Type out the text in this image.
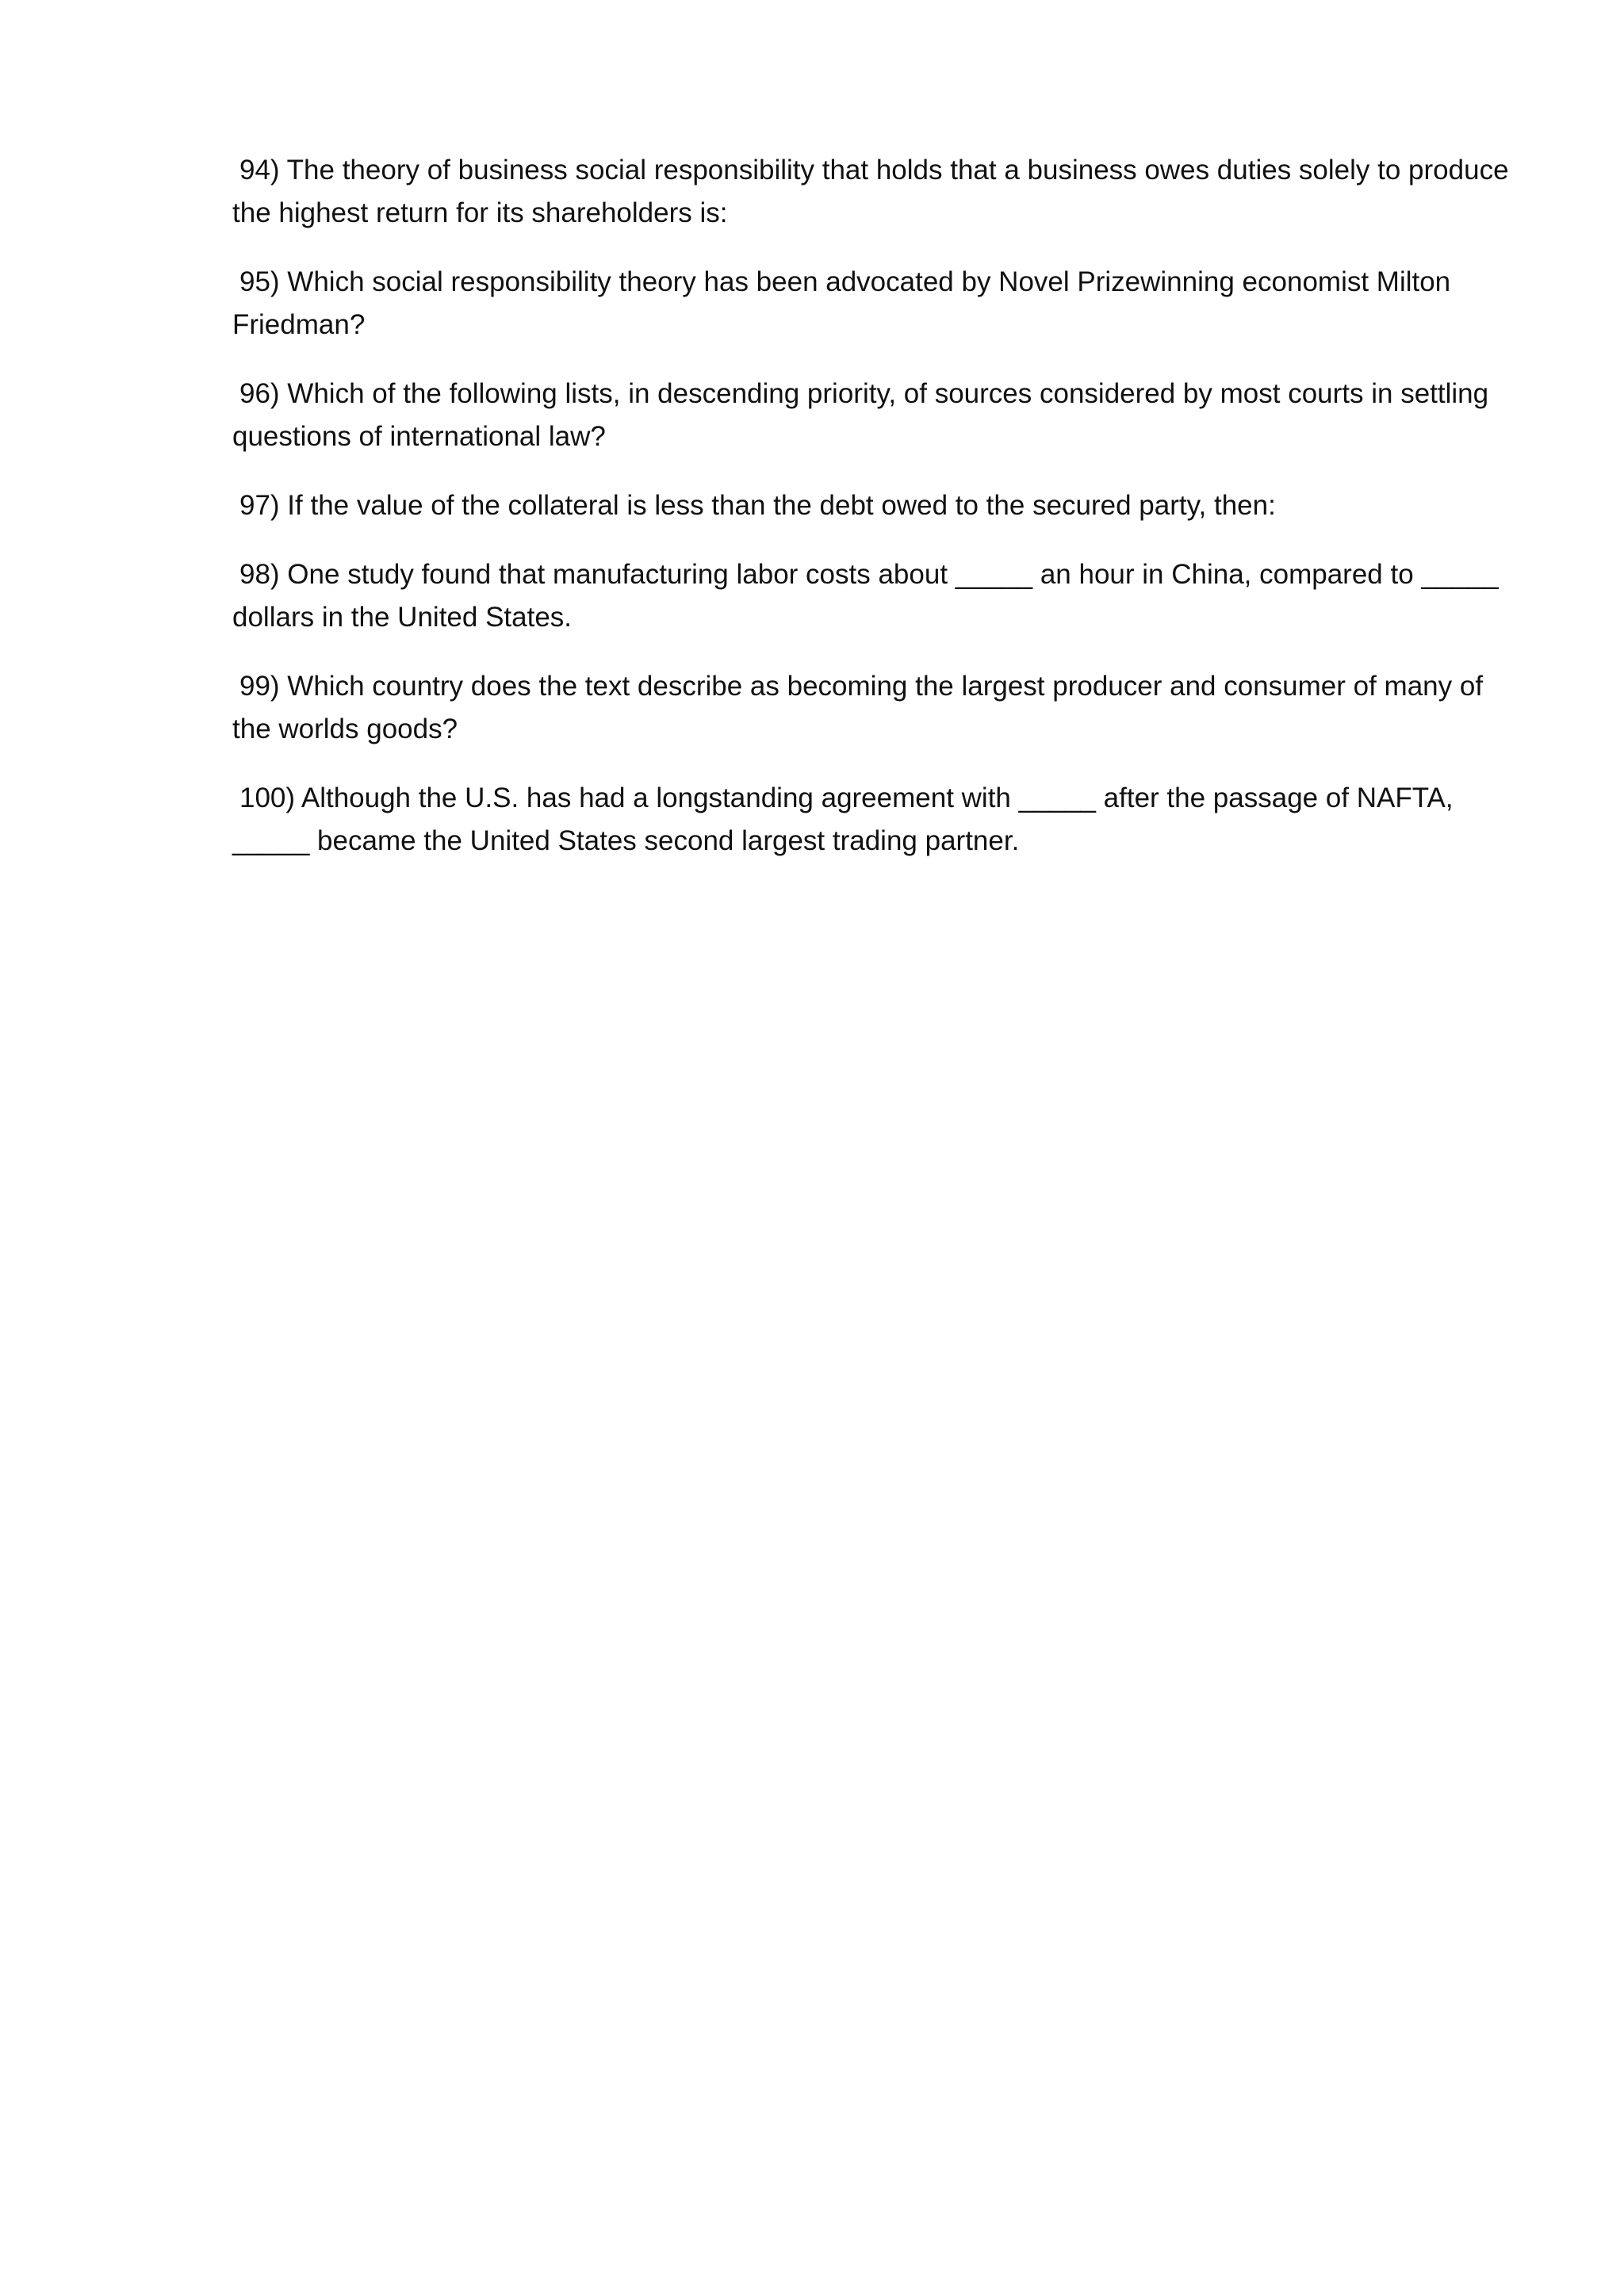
94) The theory of business social responsibility that holds that a business owes duties solely to produce the highest return for its shareholders is:
95) Which social responsibility theory has been advocated by Novel Prizewinning economist Milton Friedman?
96) Which of the following lists, in descending priority, of sources considered by most courts in settling questions of international law?
97) If the value of the collateral is less than the debt owed to the secured party, then:
98) One study found that manufacturing labor costs about _____ an hour in China, compared to _____ dollars in the United States.
99) Which country does the text describe as becoming the largest producer and consumer of many of the worlds goods?
100) Although the U.S. has had a longstanding agreement with _____ after the passage of NAFTA, _____ became the United States second largest trading partner.
